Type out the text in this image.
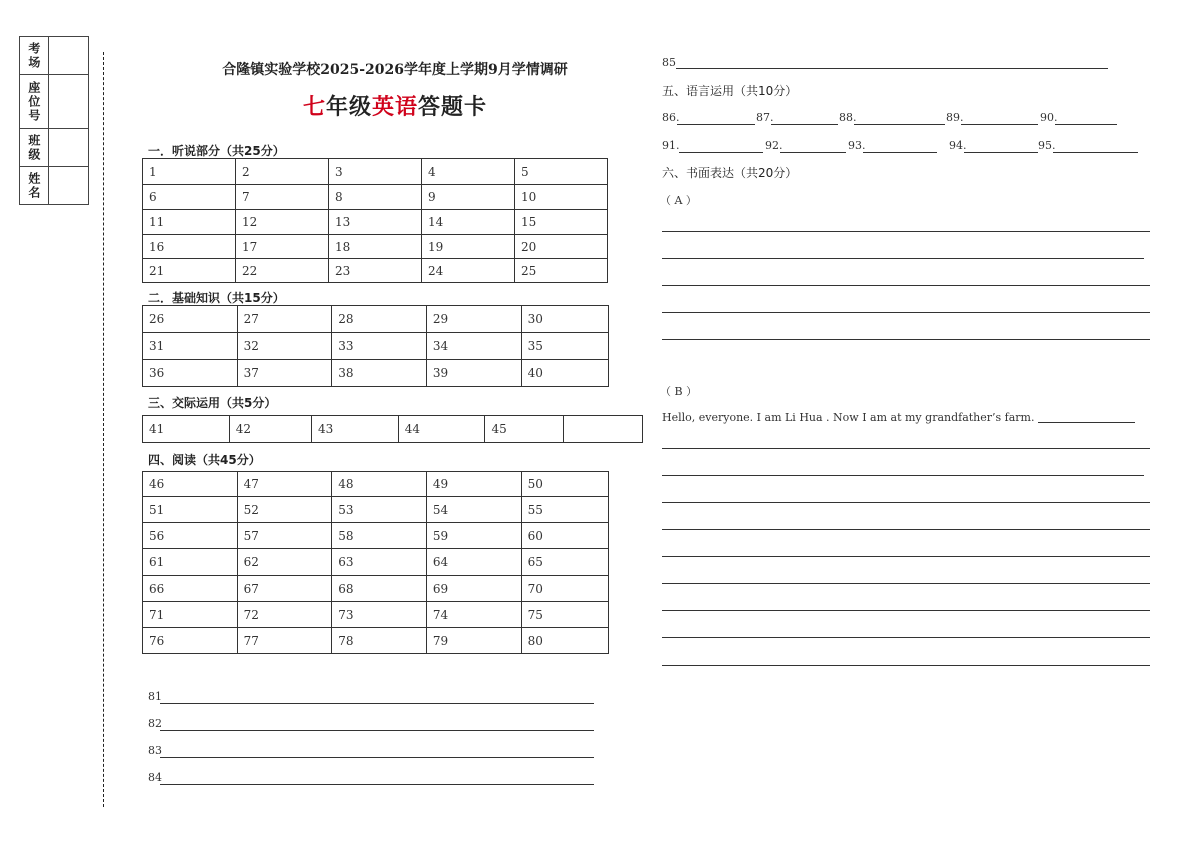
考场	
座位号	
班级	
姓名	
合隆镇实验学校2025-2026学年度上学期9月学情调研
七年级英语答题卡
一．听说部分（共25分）
1	2	3	4	5
6	7	8	9	10
11	12	13	14	15
16	17	18	19	20
21	22	23	24	25
二．基础知识（共15分）
26	27	28	29	30
31	32	33	34	35
36	37	38	39	40
三、交际运用（共5分）
41	42	43	44	45	
四、阅读（共45分）
46	47	48	49	50
51	52	53	54	55
56	57	58	59	60
61	62	63	64	65
66	67	68	69	70
71	72	73	74	75
76	77	78	79	80
81
82
83
84
85
五、语言运用（共10分）
86.	87.	88.	89.	90.
91.	92.	93.	94.	95.
六、书面表达（共20分）
（ A ）
（ B ）
Hello, everyone. I am Li Hua . Now I am at my grandfather’s farm.
